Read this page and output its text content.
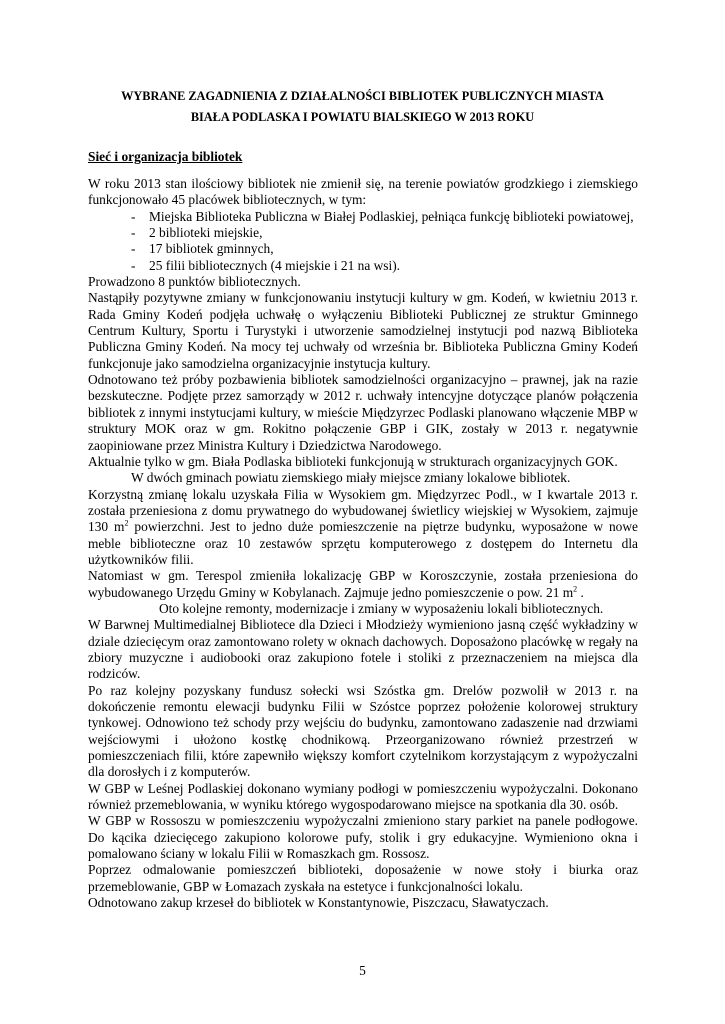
WYBRANE ZAGADNIENIA Z DZIAŁALNOŚCI BIBLIOTEK PUBLICZNYCH MIASTA
BIAŁA PODLASKA I POWIATU BIALSKIEGO W 2013 ROKU
Sieć i organizacja bibliotek

W roku 2013 stan ilościowy bibliotek nie zmienił się, na terenie powiatów grodzkiego i ziemskiego funkcjonowało 45 placówek bibliotecznych, w tym:

- Miejska Biblioteka Publiczna w Białej Podlaskiej, pełniąca funkcję biblioteki powiatowej,
- 2 biblioteki miejskie,
- 17 bibliotek gminnych,
- 25 filii bibliotecznych (4 miejskie i 21 na wsi).

Prowadzono 8 punktów bibliotecznych.

Nastąpiły pozytywne zmiany w funkcjonowaniu instytucji kultury w gm. Kodeń, w kwietniu 2013 r. Rada Gminy Kodeń podjęła uchwałę o wyłączeniu Biblioteki Publicznej ze struktur Gminnego Centrum Kultury, Sportu i Turystyki i utworzenie samodzielnej instytucji pod nazwą Biblioteka Publiczna Gminy Kodeń. Na mocy tej uchwały od września br. Biblioteka Publiczna Gminy Kodeń funkcjonuje jako samodzielna organizacyjnie instytucja kultury.

Odnotowano też próby pozbawienia bibliotek samodzielności organizacyjno – prawnej, jak na razie bezskuteczne. Podjęte przez samorządy w 2012 r. uchwały intencyjne dotyczące planów połączenia bibliotek z innymi instytucjami kultury, w mieście Międzyrzec Podlaski planowano włączenie MBP w struktury MOK oraz w gm. Rokitno połączenie GBP i GIK, zostały w 2013 r. negatywnie zaopiniowane przez Ministra Kultury i Dziedzictwa Narodowego.

Aktualnie tylko w gm. Biała Podlaska biblioteki funkcjonują w strukturach organizacyjnych GOK.

W dwóch gminach powiatu ziemskiego miały miejsce zmiany lokalowe bibliotek.

Korzystną zmianę lokalu uzyskała Filia w Wysokiem gm. Międzyrzec Podl., w I kwartale 2013 r. została przeniesiona z domu prywatnego do wybudowanej świetlicy wiejskiej w Wysokiem, zajmuje 130 $m^2$ powierzchni. Jest to jedno duże pomieszczenie na piętrze budynku, wyposażone w nowe meble biblioteczne oraz 10 zestawów sprzętu komputerowego z dostępem do Internetu dla użytkowników filii.

Natomiast w gm. Terespol zmieniła lokalizację GBP w Koroszczynie, została przeniesiona do wybudowanego Urzędu Gminy w Kobylanach. Zajmuje jedno pomieszczenie o pow. 21 $m^2$ .

Oto kolejne remonty, modernizacje i zmiany w wyposażeniu lokali bibliotecznych.

W Barwnej Multimedialnej Bibliotece dla Dzieci i Młodzieży wymieniono jasną część wykładziny w dziale dziecięcym oraz zamontowano rolety w oknach dachowych. Doposażono placówkę w regały na zbiory muzyczne i audiobooki oraz zakupiono fotele i stoliki z przeznaczeniem na miejsca dla rodziców.

Po raz kolejny pozyskany fundusz sołecki wsi Szóstka gm. Drelów pozwolił w 2013 r. na dokończenie remontu elewacji budynku Filii w Szóstce poprzez położenie kolorowej struktury tynkowej. Odnowiono też schody przy wejściu do budynku, zamontowano zadaszenie nad drzwiami wejściowymi i ułożono kostkę chodnikową. Przeorganizowano również przestrzeń w pomieszczeniach filii, które zapewniło większy komfort czytelnikom korzystającym z wypożyczalni dla dorosłych i z komputerów.

W GBP w Leśnej Podlaskiej dokonano wymiany podłogi w pomieszczeniu wypożyczalni. Dokonano również przemeblowania, w wyniku którego wygospodarowano miejsce na spotkania dla 30. osób.

W GBP w Rossoszu w pomieszczeniu wypożyczalni zmieniono stary parkiet na panele podłogowe. Do kącika dziecięcego zakupiono kolorowe pufy, stolik i gry edukacyjne. Wymieniono okna i pomalowano ściany w lokalu Filii w Romaszkach gm. Rossosz.

Poprzez odmalowanie pomieszczeń biblioteki, doposażenie w nowe stoły i biurka oraz przemeblowanie, GBP w Łomazach zyskała na estetyce i funkcjonalności lokalu.

Odnotowano zakup krzeseł do bibliotek w Konstantynowie, Piszczacu, Sławatyczach.

5
